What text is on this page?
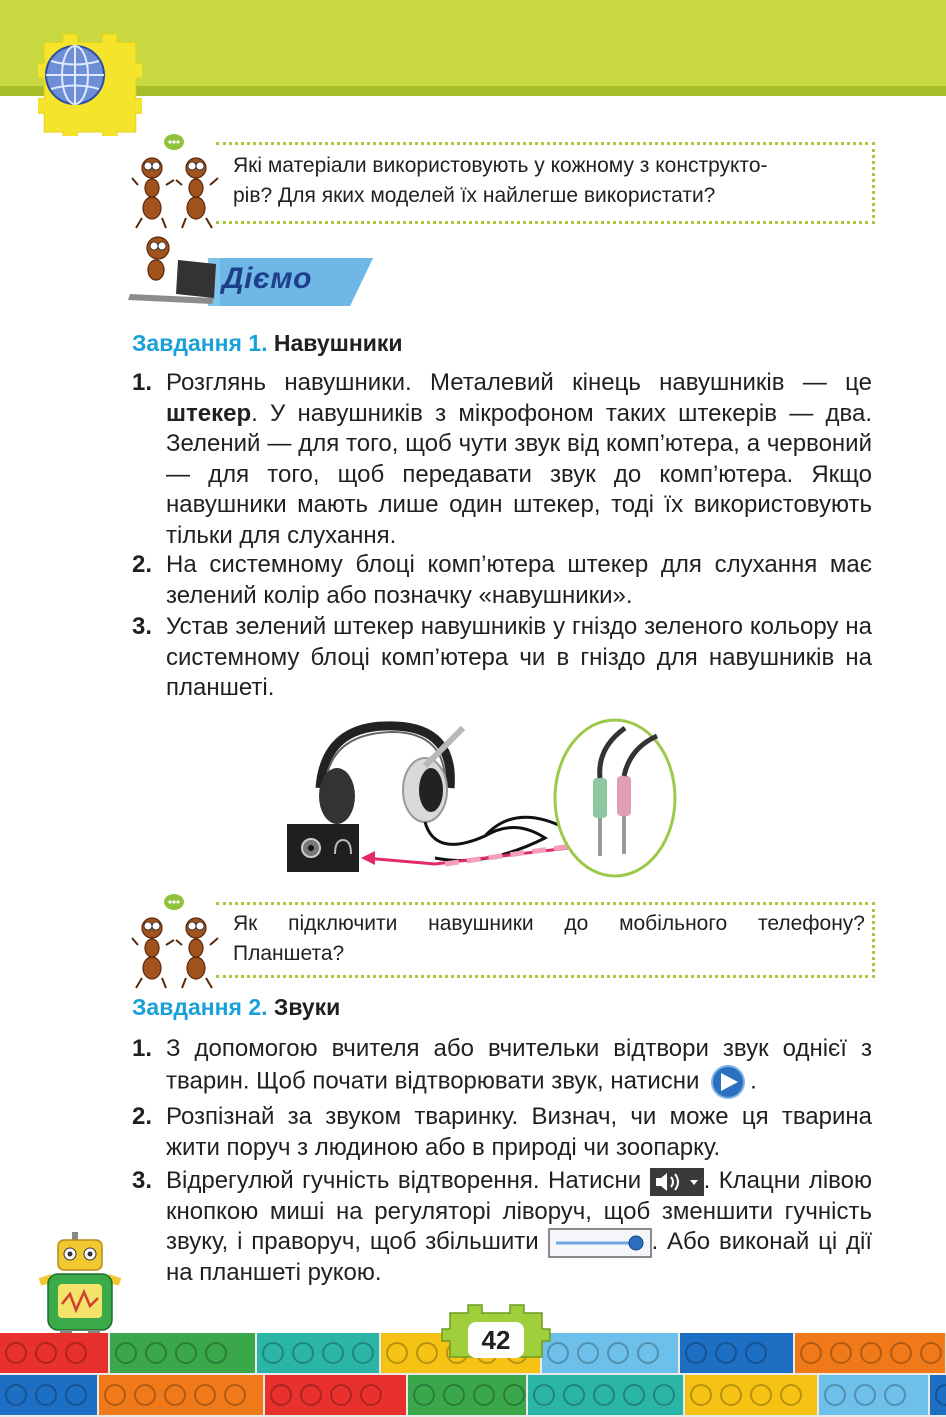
Які матеріали використовують у кожному з конструкто-
рів? Для яких моделей їх найлегше використати?
Діємо
Завдання 1. Навушники
1. Розглянь навушники. Металевий кінець навушників — це штекер. У навушників з мікрофоном таких штекерів — два. Зелений — для того, щоб чути звук від комп’ютера, а червоний — для того, щоб передавати звук до комп’ютера. Якщо навушники мають лише один штекер, тоді їх використовують тільки для слухання.
2. На системному блоці комп’ютера штекер для слухання має зелений колір або позначку «навушники».
3. Устав зелений штекер навушників у гніздо зеленого кольору на системному блоці комп’ютера чи в гніздо для навушників на планшеті.
Як підключити навушники до мобільного телефону?
Планшета?
Завдання 2. Звуки
1. З допомогою вчителя або вчительки відтвори звук однієї з тварин. Щоб почати відтворювати звук, натисни .
2. Розпізнай за звуком тваринку. Визнач, чи може ця тварина жити поруч з людиною або в природі чи зоопарку.
3. Відрегулюй гучність відтворення. Натисни	. Клацни лівою кнопкою миші на регуляторі ліворуч, щоб зменшити гучність звуку, і праворуч, щоб збільшити	. Або виконай ці дії на планшеті рукою.
42
